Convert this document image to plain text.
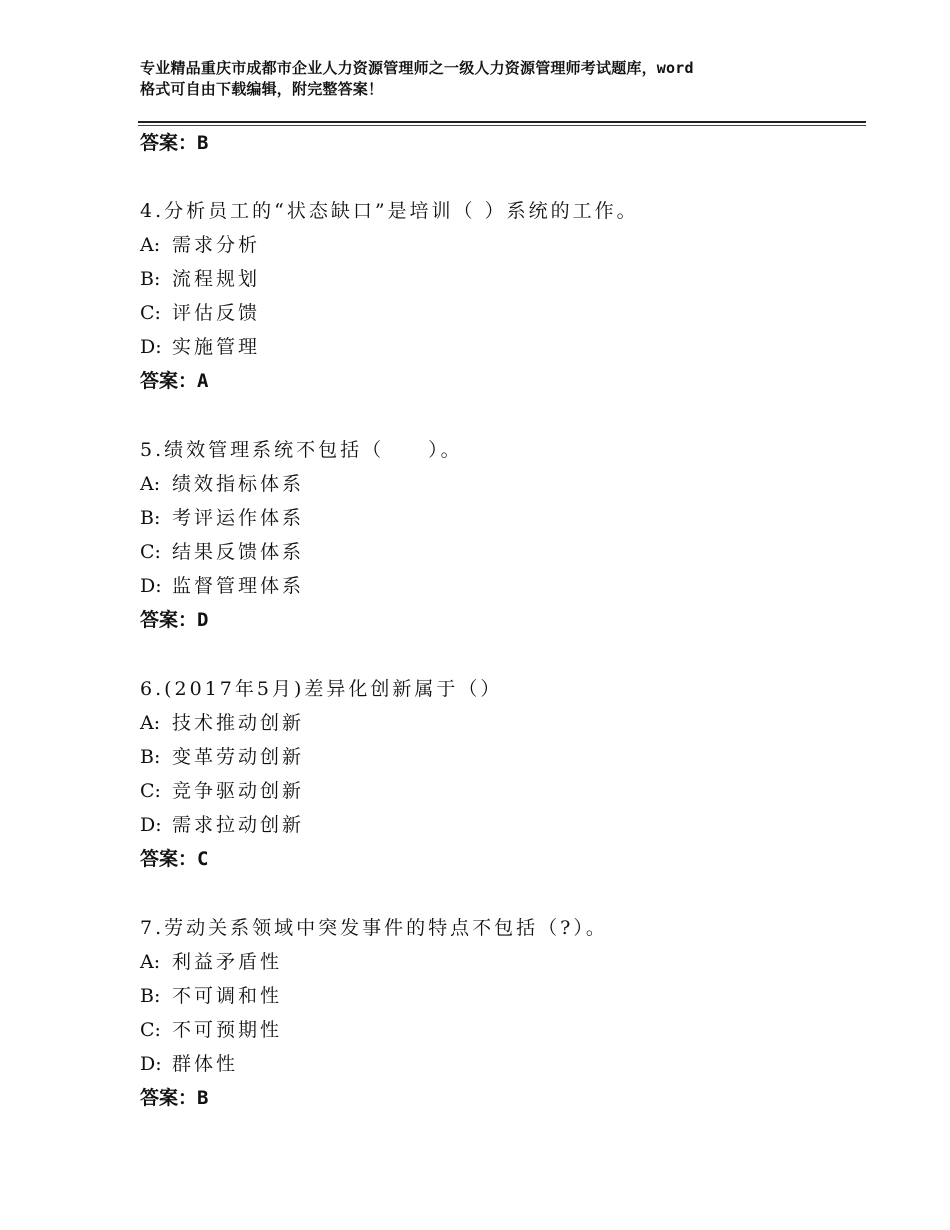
专业精品重庆市成都市企业人力资源管理师之一级人力资源管理师考试题库，word
格式可自由下载编辑，附完整答案！
答案：B
4.分析员工的“状态缺口”是培训（ ）系统的工作。
A: 需求分析
B: 流程规划
C: 评估反馈
D: 实施管理
答案：A
5.绩效管理系统不包括（　　）。
A: 绩效指标体系
B: 考评运作体系
C: 结果反馈体系
D: 监督管理体系
答案：D
6.(2017年5月)差异化创新属于（）
A: 技术推动创新
B: 变革劳动创新
C: 竞争驱动创新
D: 需求拉动创新
答案：C
7.劳动关系领域中突发事件的特点不包括（?）。
A: 利益矛盾性
B: 不可调和性
C: 不可预期性
D: 群体性
答案：B
